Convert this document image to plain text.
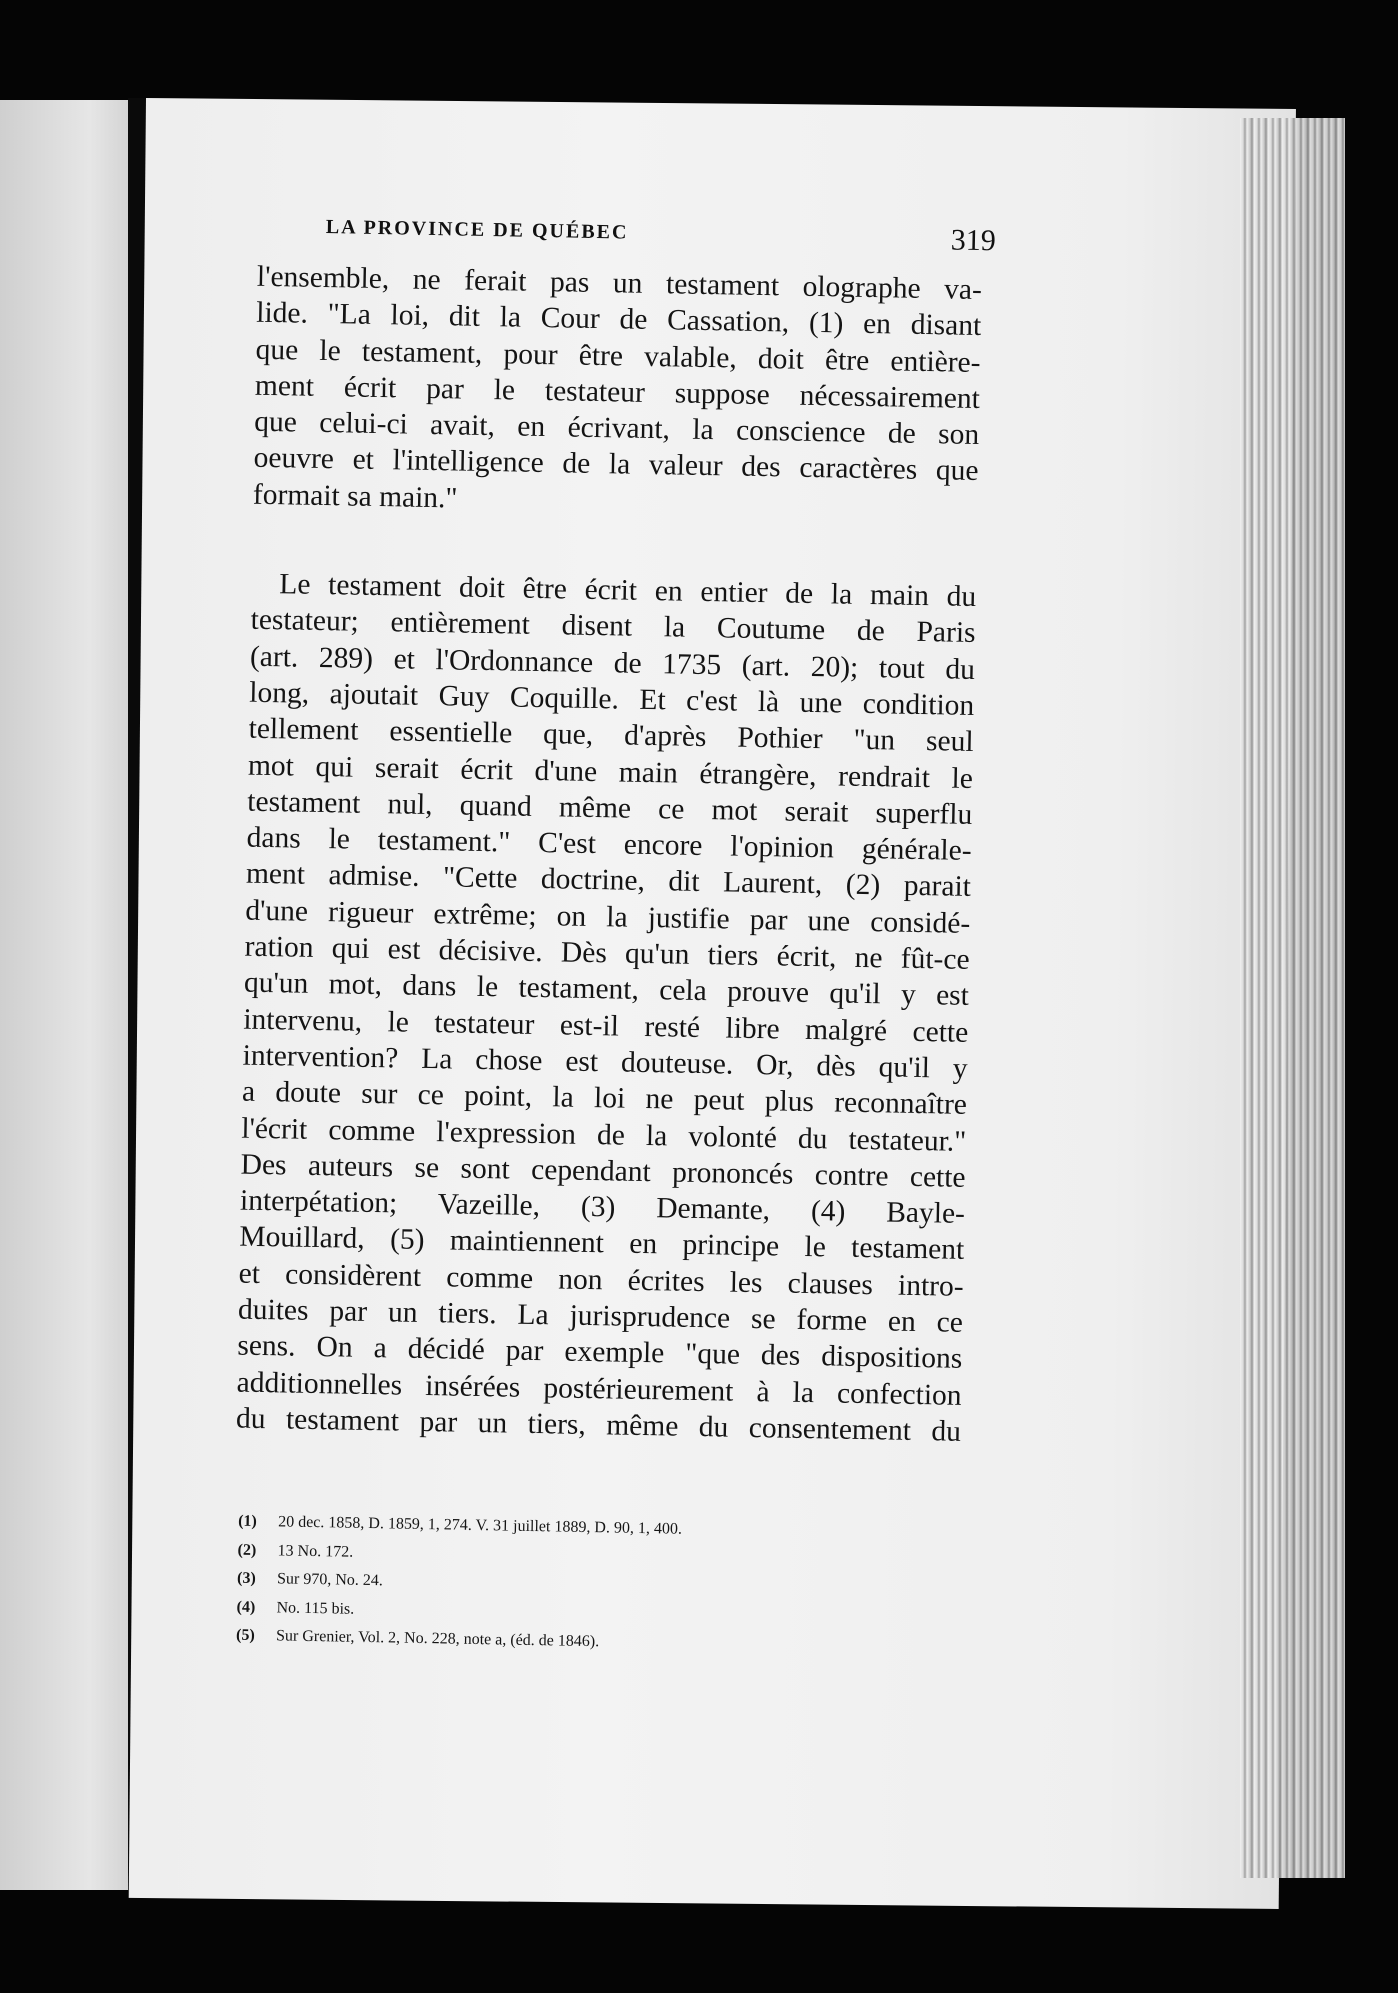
LA PROVINCE DE QUÉBEC	319
l'ensemble, ne ferait pas un testament olographe va-
lide. "La loi, dit la Cour de Cassation, (1) en disant
que le testament, pour être valable, doit être entière-
ment écrit par le testateur suppose nécessairement
que celui-ci avait, en écrivant, la conscience de son
oeuvre et l'intelligence de la valeur des caractères que
formait sa main."
Le testament doit être écrit en entier de la main du
testateur; entièrement disent la Coutume de Paris
(art. 289) et l'Ordonnance de 1735 (art. 20); tout du
long, ajoutait Guy Coquille. Et c'est là une condition
tellement essentielle que, d'après Pothier "un seul
mot qui serait écrit d'une main étrangère, rendrait le
testament nul, quand même ce mot serait superflu
dans le testament." C'est encore l'opinion générale-
ment admise. "Cette doctrine, dit Laurent, (2) parait
d'une rigueur extrême; on la justifie par une considé-
ration qui est décisive. Dès qu'un tiers écrit, ne fût-ce
qu'un mot, dans le testament, cela prouve qu'il y est
intervenu, le testateur est-il resté libre malgré cette
intervention? La chose est douteuse. Or, dès qu'il y
a doute sur ce point, la loi ne peut plus reconnaître
l'écrit comme l'expression de la volonté du testateur."
Des auteurs se sont cependant prononcés contre cette
interpétation; Vazeille, (3) Demante, (4) Bayle-
Mouillard, (5) maintiennent en principe le testament
et considèrent comme non écrites les clauses intro-
duites par un tiers. La jurisprudence se forme en ce
sens. On a décidé par exemple "que des dispositions
additionnelles insérées postérieurement à la confection
du testament par un tiers, même du consentement du
(1) 20 dec. 1858, D. 1859, 1, 274. V. 31 juillet 1889, D. 90, 1, 400.
(2) 13 No. 172.
(3) Sur 970, No. 24.
(4) No. 115 bis.
(5) Sur Grenier, Vol. 2, No. 228, note a, (éd. de 1846).
